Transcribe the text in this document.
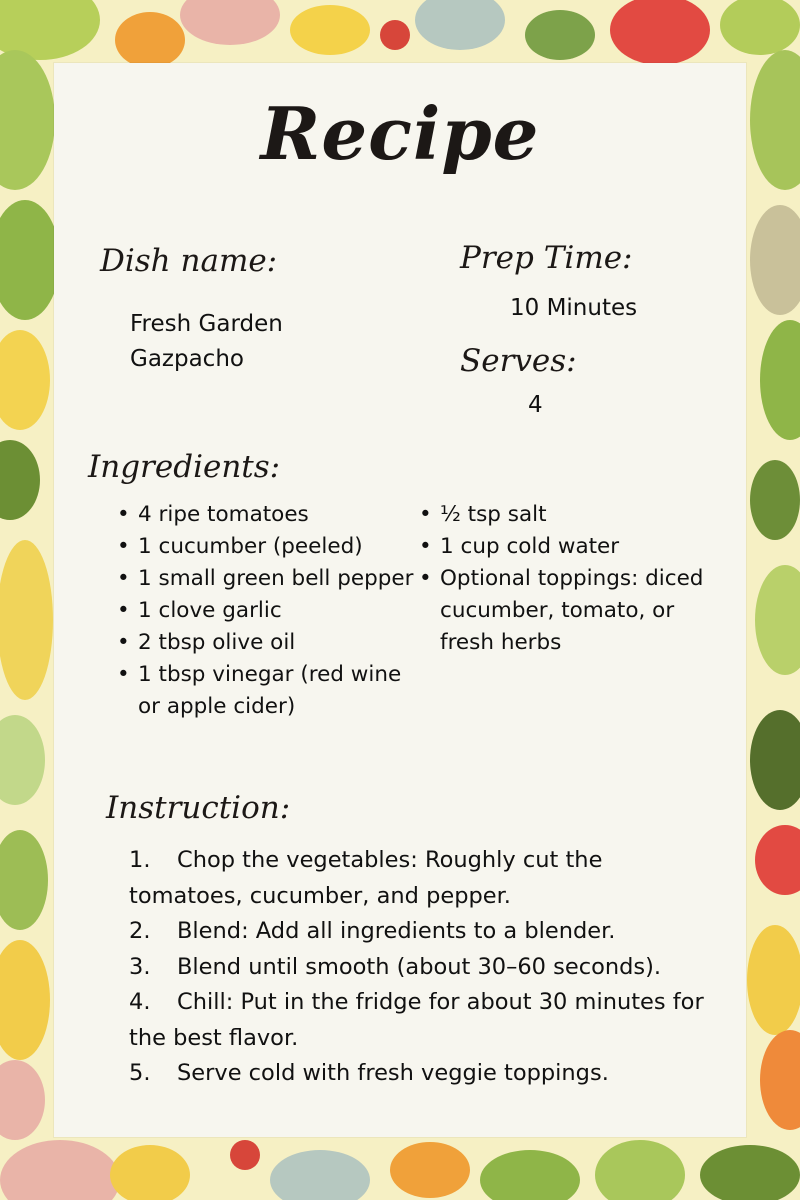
Recipe
Dish name:
Fresh Garden
Gazpacho
Prep Time:
10 Minutes
Serves:
4
Ingredients:
• 4 ripe tomatoes
• 1 cucumber (peeled)
• 1 small green bell pepper
• 1 clove garlic
• 2 tbsp olive oil
• 1 tbsp vinegar (red wine or apple cider)
• ½ tsp salt
• 1 cup cold water
• Optional toppings: diced cucumber, tomato, or fresh herbs
Instruction:
1. Chop the vegetables: Roughly cut the tomatoes, cucumber, and pepper.
2. Blend: Add all ingredients to a blender.
3. Blend until smooth (about 30–60 seconds).
4. Chill: Put in the fridge for about 30 minutes for the best flavor.
5. Serve cold with fresh veggie toppings.
